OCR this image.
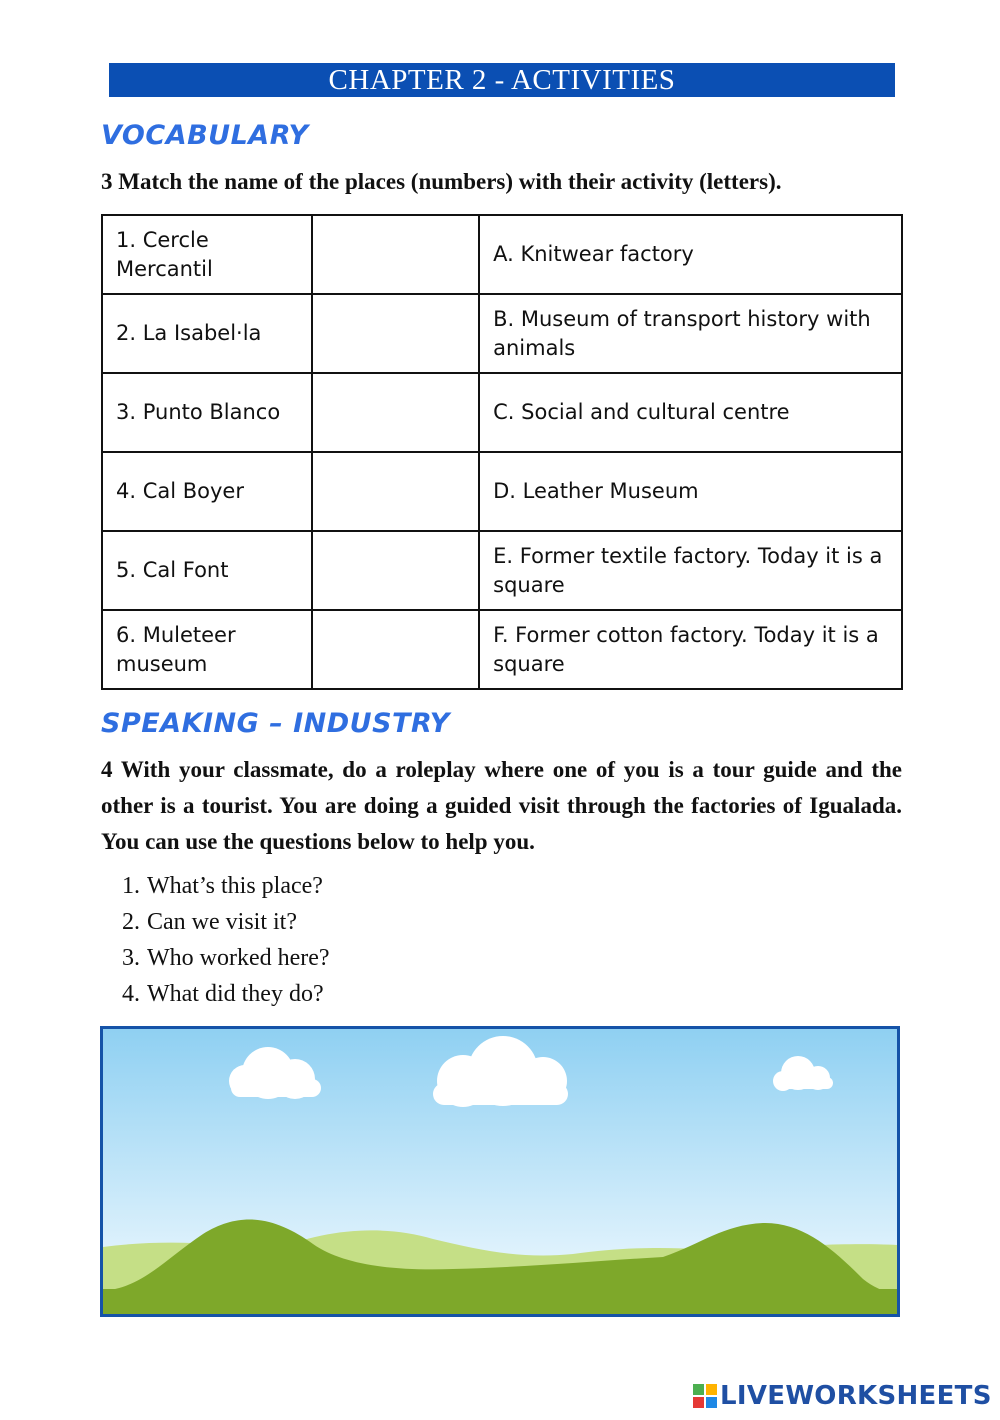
CHAPTER 2 - ACTIVITIES
VOCABULARY

3 Match the name of the places (numbers) with their activity (letters).

1. Cercle Mercantil		A. Knitwear factory
2. La Isabel·la		B. Museum of transport history with animals
3. Punto Blanco		C. Social and cultural centre
4. Cal Boyer		D. Leather Museum
5. Cal Font		E. Former textile factory. Today it is a square
6. Muleteer museum		F. Former cotton factory. Today it is a square
SPEAKING – INDUSTRY

4 With your classmate, do a roleplay where one of you is a tour guide and the other is a tourist. You are doing a guided visit through the factories of Igualada. You can use the questions below to help you.

1. What’s this place?
2. Can we visit it?
3. Who worked here?
4. What did they do?
LIVEWORKSHEETS
